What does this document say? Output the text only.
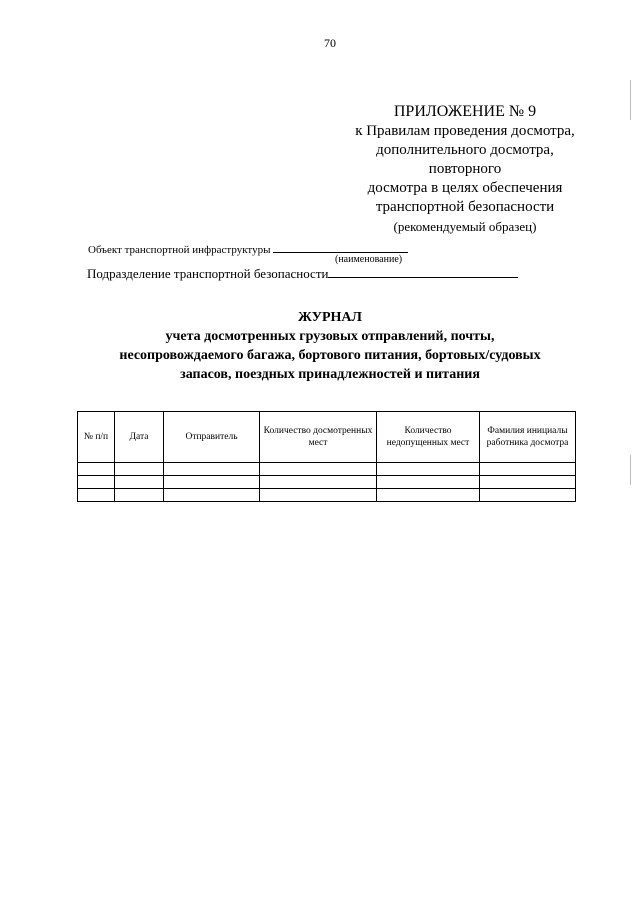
70
ПРИЛОЖЕНИЕ № 9
к Правилам проведения досмотра,
дополнительного досмотра,
повторного
досмотра в целях обеспечения
транспортной безопасности
(рекомендуемый образец)
Объект транспортной инфраструктуры
(наименование)
Подразделение транспортной безопасности
ЖУРНАЛ
учета досмотренных грузовых отправлений, почты,
несопровождаемого багажа, бортового питания, бортовых/судовых
запасов, поездных принадлежностей и питания
№ п/п	Дата	Отправитель	Количество досмотренных мест	Количество недопущенных мест	Фамилия инициалы работника досмотра
